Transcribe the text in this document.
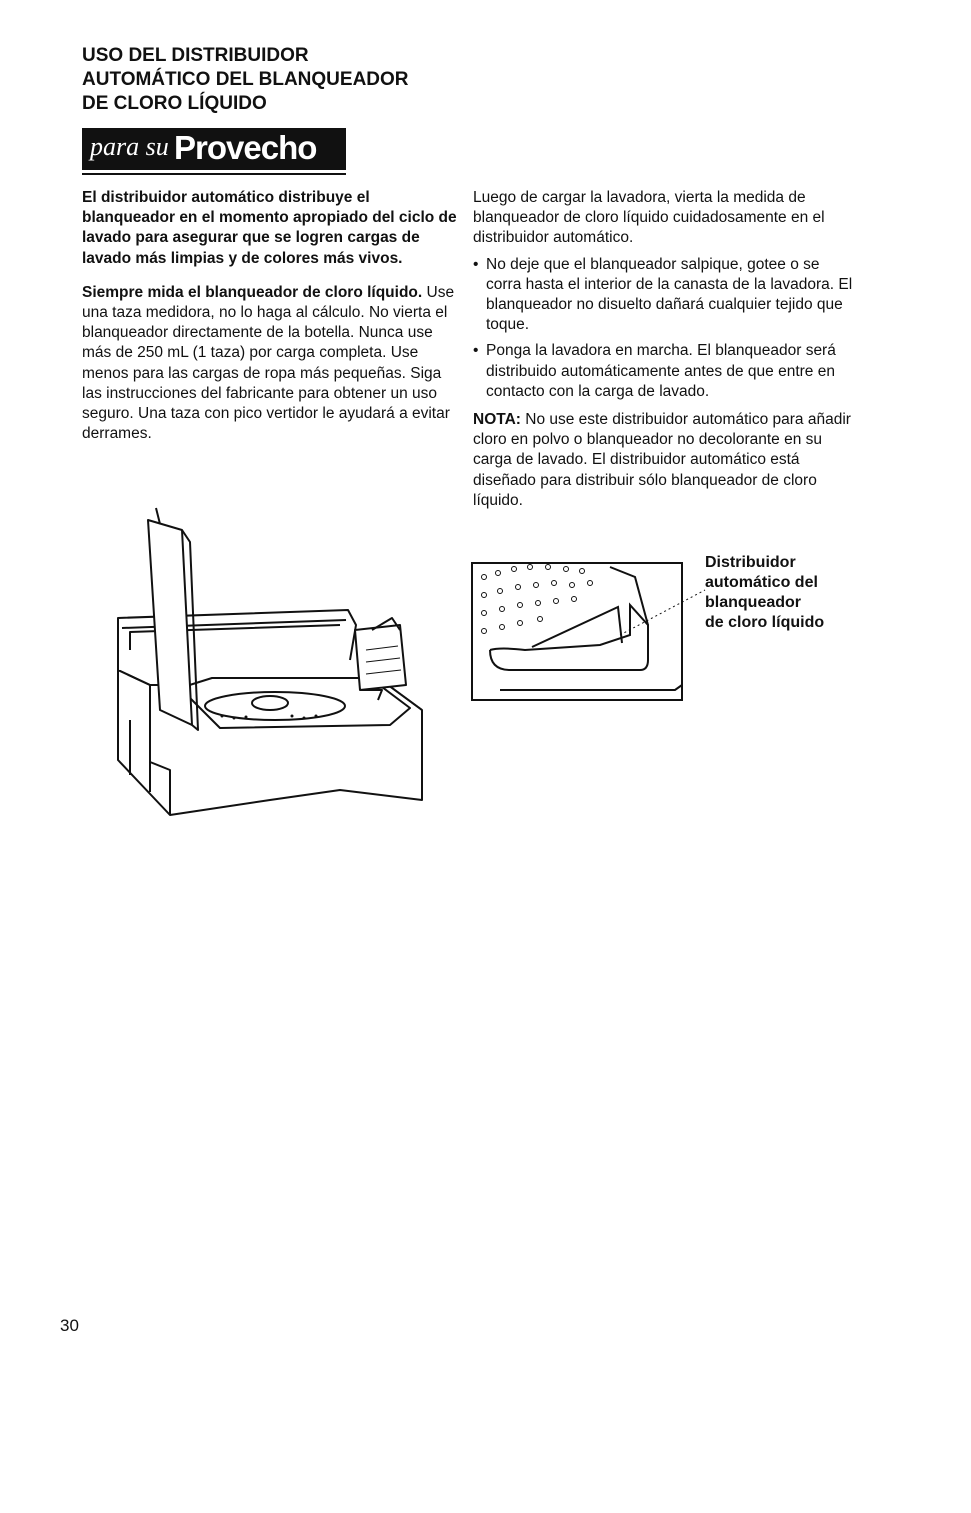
USO DEL DISTRIBUIDOR
AUTOMÁTICO DEL BLANQUEADOR
DE CLORO LÍQUIDO
para su Provecho

El distribuidor automático distribuye el blanqueador en el momento apropiado del ciclo de lavado para asegurar que se logren cargas de lavado más limpias y de colores más vivos.

Siempre mida el blanqueador de cloro líquido. Use una taza medidora, no lo haga al cálculo. No vierta el blanqueador directamente de la botella. Nunca use más de 250 mL (1 taza) por carga completa. Use menos para las cargas de ropa más pequeñas. Siga las instrucciones del fabricante para obtener un uso seguro. Una taza con pico vertidor le ayudará a evitar derrames.

Luego de cargar la lavadora, vierta la medida de blanqueador de cloro líquido cuidadosamente en el distribuidor automático.

• No deje que el blanqueador salpique, gotee o se corra hasta el interior de la canasta de la lavadora. El blanqueador no disuelto dañará cualquier tejido que toque.
• Ponga la lavadora en marcha. El blanqueador será distribuido automáticamente antes de que entre en contacto con la carga de lavado.

NOTA: No use este distribuidor automático para añadir cloro en polvo o blanqueador no decolorante en su carga de lavado. El distribuidor automático está diseñado para distribuir sólo blanqueador de cloro líquido.

Distribuidor
automático del
blanqueador
de cloro líquido
30
